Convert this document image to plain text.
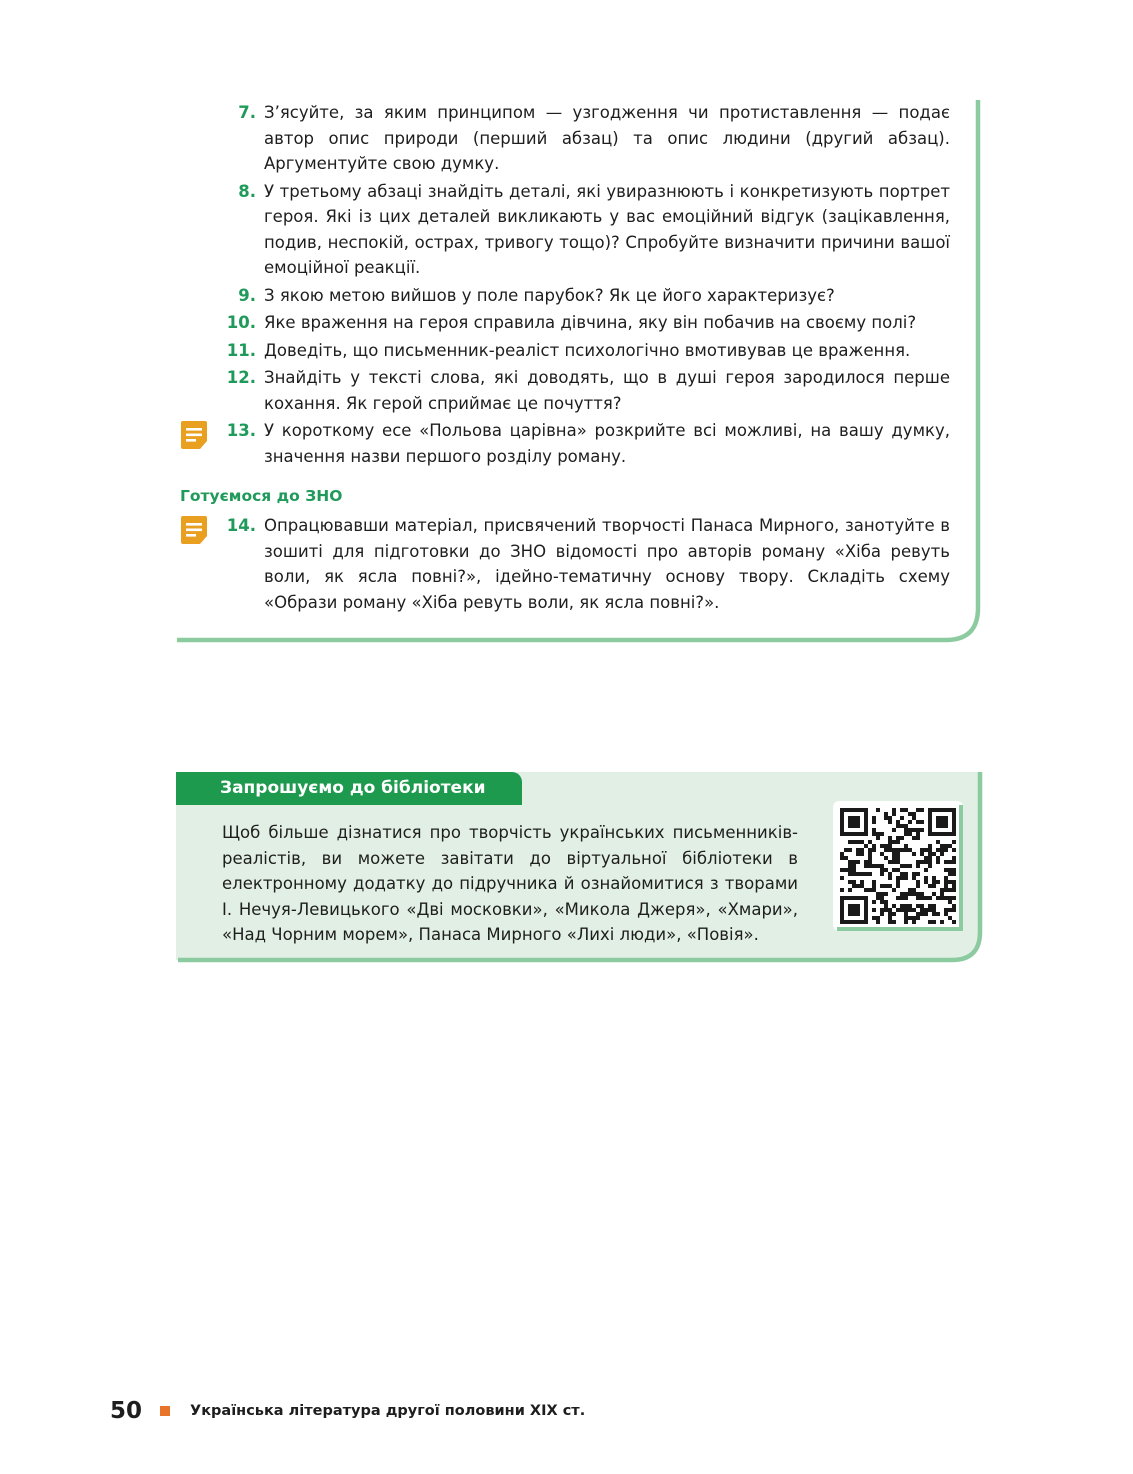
7. З’ясуйте, за яким принципом — узгодження чи протиставлення — подає автор опис природи (перший абзац) та опис людини (другий абзац). Аргументуйте свою думку.
8. У третьому абзаці знайдіть деталі, які увиразнюють і конкретизують портрет героя. Які із цих деталей викликають у вас емоційний відгук (зацікавлення, подив, неспокій, острах, тривогу тощо)? Спробуйте визначити причини вашої емоційної реакції.
9. З якою метою вийшов у поле парубок? Як це його характеризує?
10. Яке враження на героя справила дівчина, яку він побачив на своєму полі?
11. Доведіть, що письменник-реаліст психологічно вмотивував це враження.
12. Знайдіть у тексті слова, які доводять, що в душі героя зародилося перше кохання. Як герой сприймає це почуття?
13. У короткому есе «Польова царівна» розкрийте всі можливі, на вашу думку, значення назви першого розділу роману.
Готуємося до ЗНО
14. Опрацювавши матеріал, присвячений творчості Панаса Мирного, занотуйте в зошиті для підготовки до ЗНО відомості про авторів роману «Хіба ревуть воли, як ясла повні?», ідейно-тематичну основу твору. Складіть схему «Образи роману «Хіба ревуть воли, як ясла повні?».
Запрошуємо до бібліотеки
Щоб більше дізнатися про творчість українських письменників-реалістів, ви можете завітати до віртуальної бібліотеки в електронному додатку до підручника й ознайомитися з творами І. Нечуя-Левицького «Дві московки», «Микола Джеря», «Хмари», «Над Чорним морем», Панаса Мирного «Лихі люди», «Повія».
50	Українська література другої половини XIX ст.
